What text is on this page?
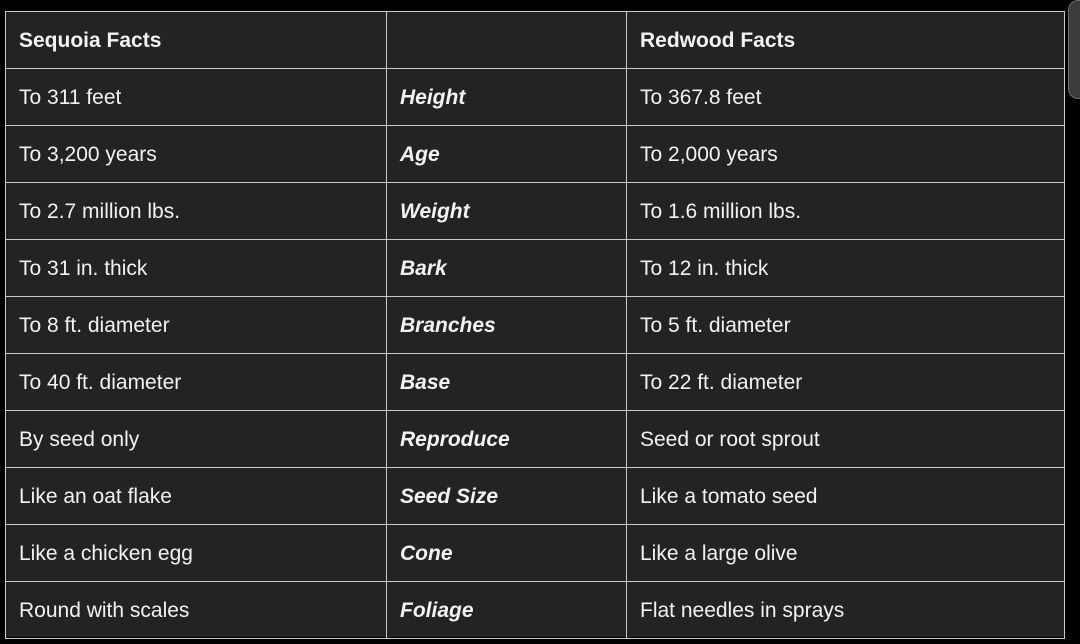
Sequoia Facts		Redwood Facts
To 311 feet	Height	To 367.8 feet
To 3,200 years	Age	To 2,000 years
To 2.7 million lbs.	Weight	To 1.6 million lbs.
To 31 in. thick	Bark	To 12 in. thick
To 8 ft. diameter	Branches	To 5 ft. diameter
To 40 ft. diameter	Base	To 22 ft. diameter
By seed only	Reproduce	Seed or root sprout
Like an oat flake	Seed Size	Like a tomato seed
Like a chicken egg	Cone	Like a large olive
Round with scales	Foliage	Flat needles in sprays
